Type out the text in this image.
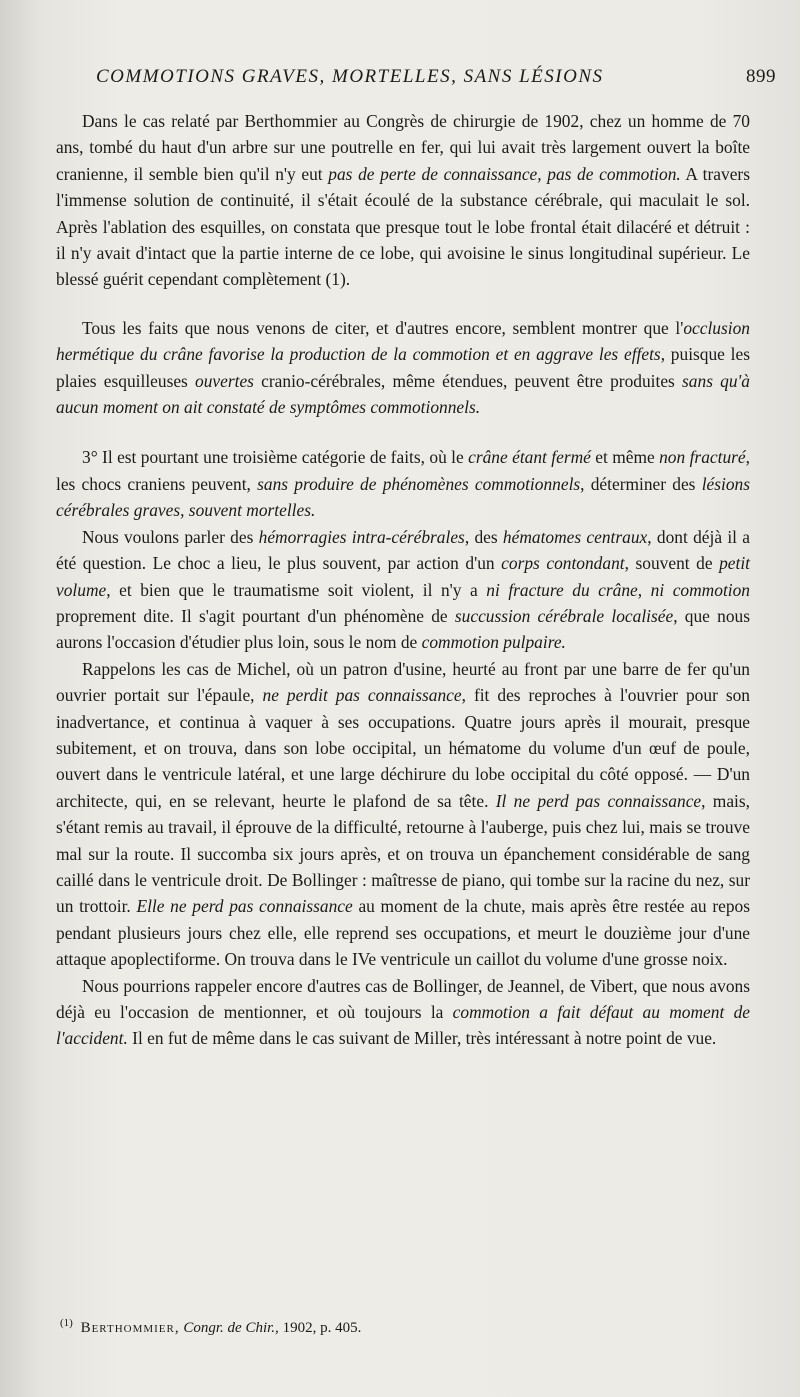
COMMOTIONS GRAVES, MORTELLES, SANS LÉSIONS	899

Dans le cas relaté par Berthommier au Congrès de chirurgie de 1902, chez un homme de 70 ans, tombé du haut d'un arbre sur une poutrelle en fer, qui lui avait très largement ouvert la boîte cranienne, il semble bien qu'il n'y eut pas de perte de connaissance, pas de commotion. A travers l'immense solution de continuité, il s'était écoulé de la substance cérébrale, qui maculait le sol. Après l'ablation des esquilles, on constata que presque tout le lobe frontal était dilacéré et détruit : il n'y avait d'intact que la partie interne de ce lobe, qui avoisine le sinus longitudinal supérieur. Le blessé guérit cependant complètement (1).

Tous les faits que nous venons de citer, et d'autres encore, semblent montrer que l'occlusion hermétique du crâne favorise la production de la commotion et en aggrave les effets, puisque les plaies esquilleuses ouvertes cranio-cérébrales, même étendues, peuvent être produites sans qu'à aucun moment on ait constaté de symptômes commotionnels.

3° Il est pourtant une troisième catégorie de faits, où le crâne étant fermé et même non fracturé, les chocs craniens peuvent, sans produire de phénomènes commotionnels, déterminer des lésions cérébrales graves, souvent mortelles.

Nous voulons parler des hémorragies intra-cérébrales, des hématomes centraux, dont déjà il a été question. Le choc a lieu, le plus souvent, par action d'un corps contondant, souvent de petit volume, et bien que le traumatisme soit violent, il n'y a ni fracture du crâne, ni commotion proprement dite. Il s'agit pourtant d'un phénomène de succussion cérébrale localisée, que nous aurons l'occasion d'étudier plus loin, sous le nom de commotion pulpaire.

Rappelons les cas de Michel, où un patron d'usine, heurté au front par une barre de fer qu'un ouvrier portait sur l'épaule, ne perdit pas connaissance, fit des reproches à l'ouvrier pour son inadvertance, et continua à vaquer à ses occupations. Quatre jours après il mourait, presque subitement, et on trouva, dans son lobe occipital, un hématome du volume d'un œuf de poule, ouvert dans le ventricule latéral, et une large déchirure du lobe occipital du côté opposé. — D'un architecte, qui, en se relevant, heurte le plafond de sa tête. Il ne perd pas connaissance, mais, s'étant remis au travail, il éprouve de la difficulté, retourne à l'auberge, puis chez lui, mais se trouve mal sur la route. Il succomba six jours après, et on trouva un épanchement considérable de sang caillé dans le ventricule droit. De Bollinger : maîtresse de piano, qui tombe sur la racine du nez, sur un trottoir. Elle ne perd pas connaissance au moment de la chute, mais après être restée au repos pendant plusieurs jours chez elle, elle reprend ses occupations, et meurt le douzième jour d'une attaque apoplectiforme. On trouva dans le IVe ventricule un caillot du volume d'une grosse noix.

Nous pourrions rappeler encore d'autres cas de Bollinger, de Jeannel, de Vibert, que nous avons déjà eu l'occasion de mentionner, et où toujours la commotion a fait défaut au moment de l'accident. Il en fut de même dans le cas suivant de Miller, très intéressant à notre point de vue.

$^{(1)}$ Berthommier, Congr. de Chir., 1902, p. 405.
